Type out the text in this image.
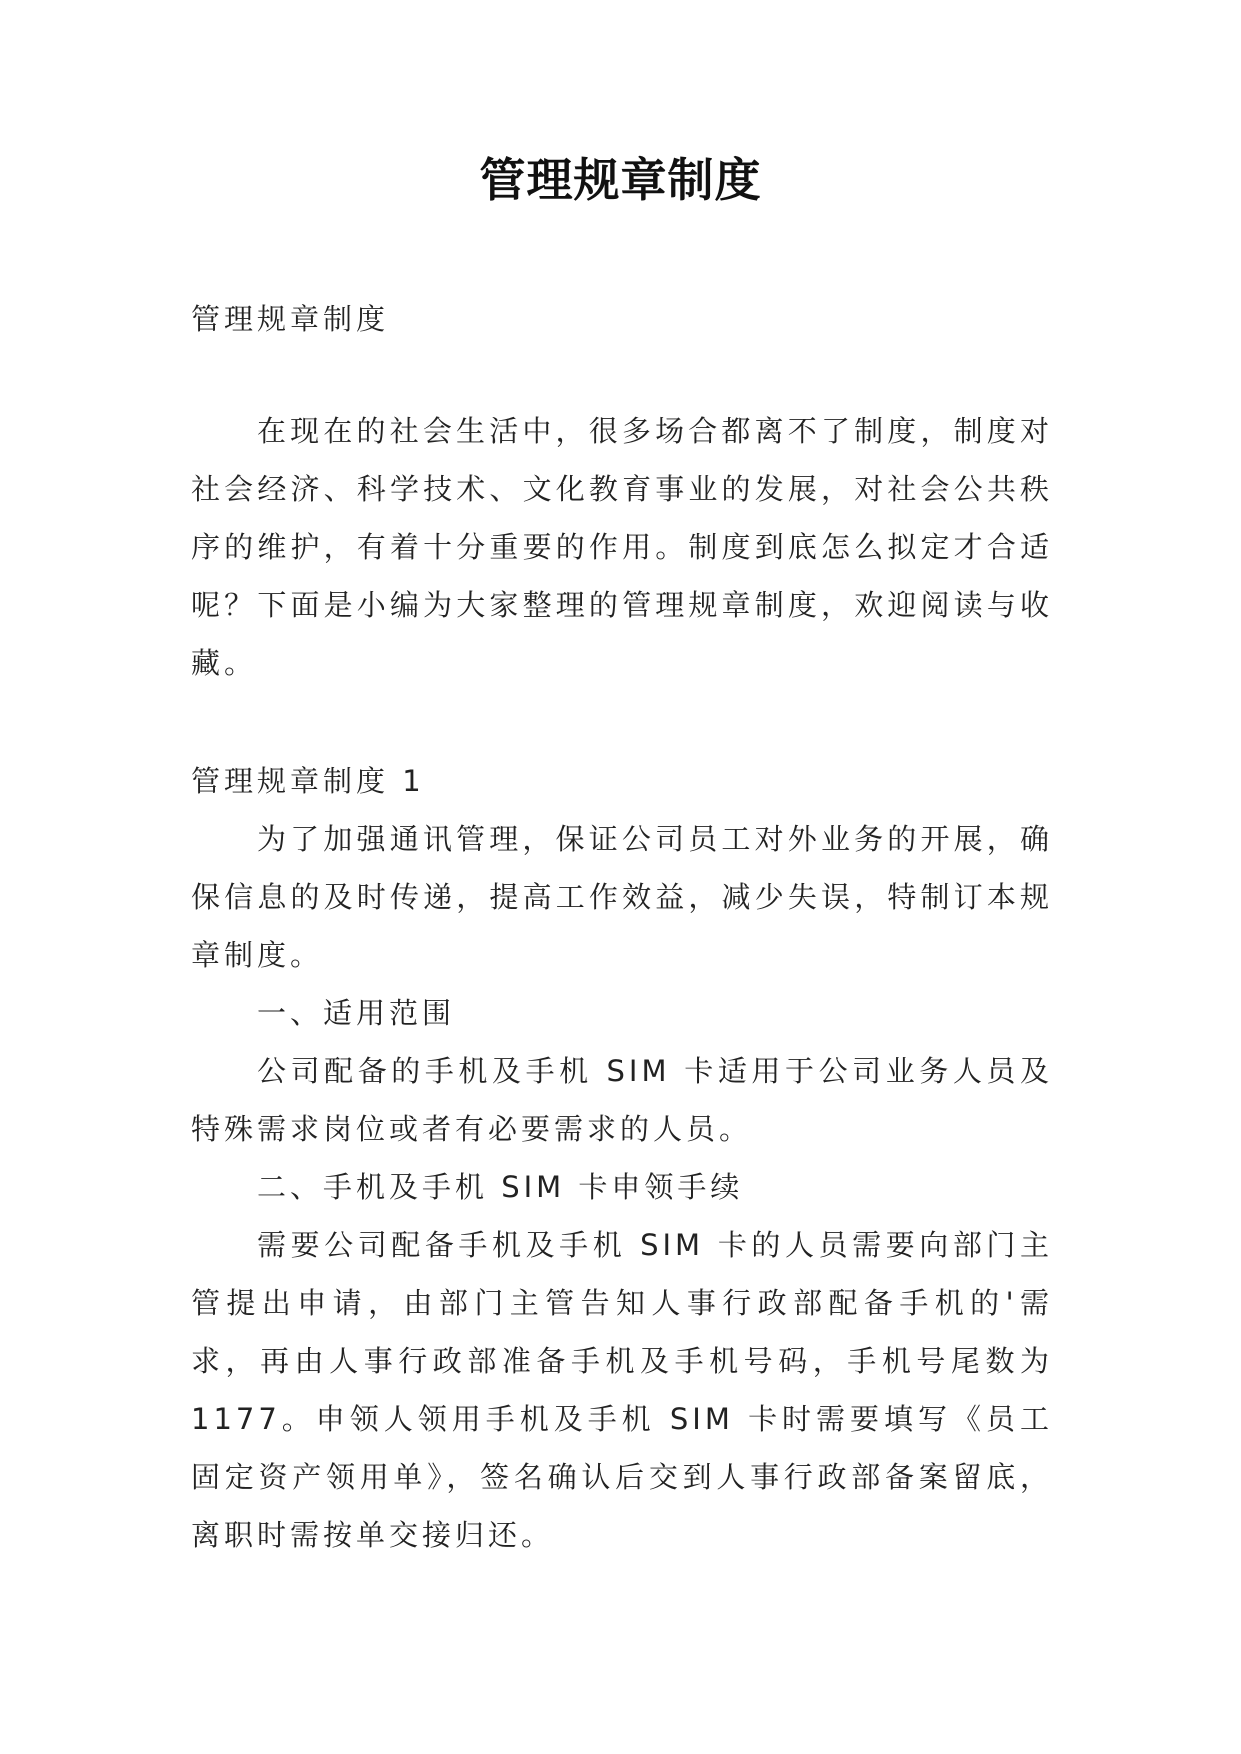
管理规章制度

管理规章制度

在现在的社会生活中，很多场合都离不了制度，制度对社会经济、科学技术、文化教育事业的发展，对社会公共秩序的维护，有着十分重要的作用。制度到底怎么拟定才合适呢？下面是小编为大家整理的管理规章制度，欢迎阅读与收藏。

管理规章制度 1

为了加强通讯管理，保证公司员工对外业务的开展，确保信息的及时传递，提高工作效益，减少失误，特制订本规章制度。

一、适用范围

公司配备的手机及手机 SIM 卡适用于公司业务人员及特殊需求岗位或者有必要需求的人员。

二、手机及手机 SIM 卡申领手续

需要公司配备手机及手机 SIM 卡的人员需要向部门主管提出申请，由部门主管告知人事行政部配备手机的'需求，再由人事行政部准备手机及手机号码，手机号尾数为 1177。申领人领用手机及手机 SIM 卡时需要填写《员工固定资产领用单》，签名确认后交到人事行政部备案留底，离职时需按单交接归还。
